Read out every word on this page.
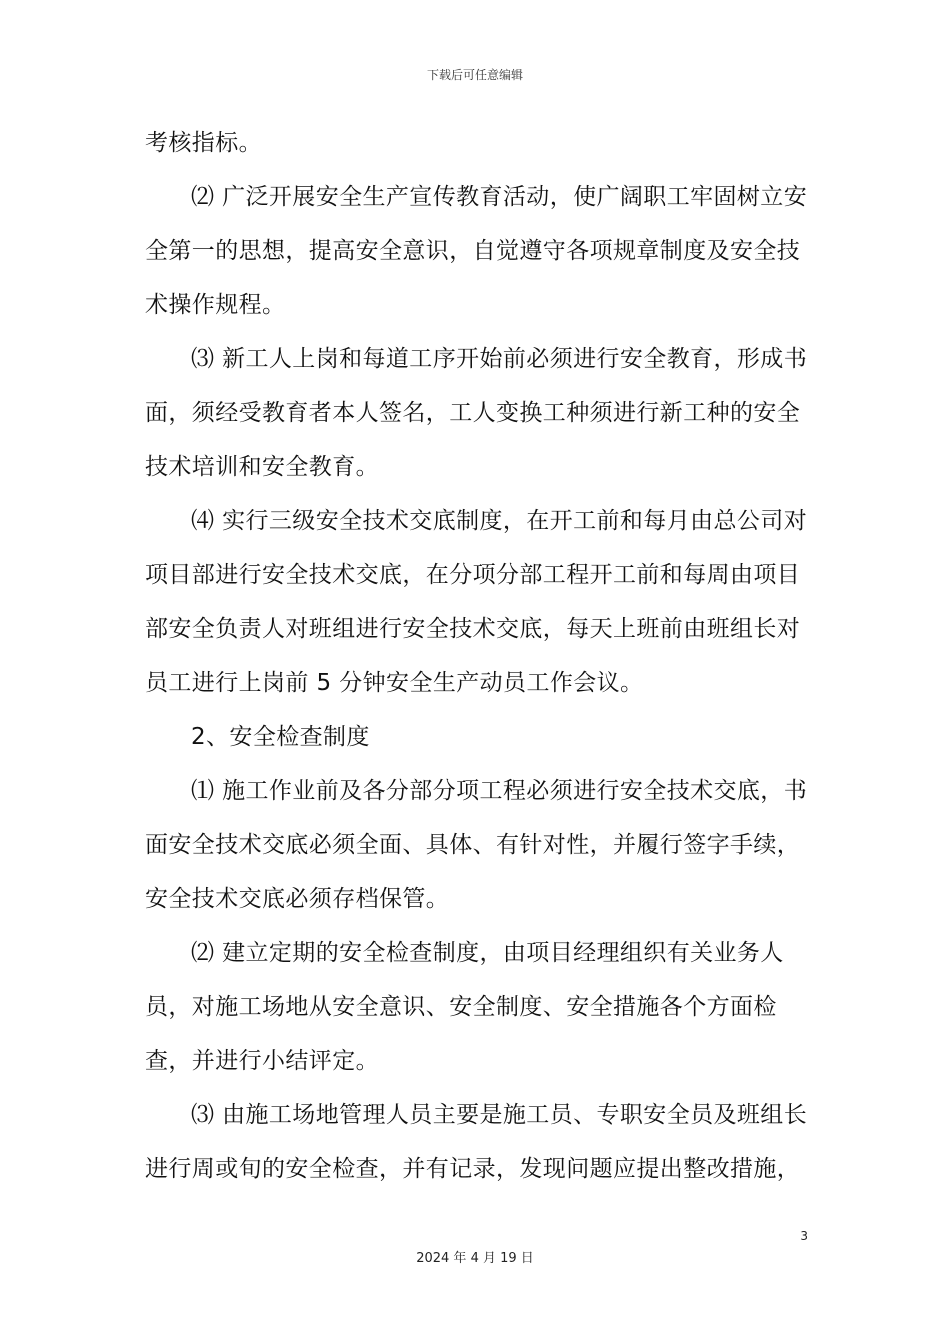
下载后可任意编辑

考核指标。

⑵ 广泛开展安全生产宣传教育活动，使广阔职工牢固树立安全第一的思想，提高安全意识，自觉遵守各项规章制度及安全技术操作规程。

⑶ 新工人上岗和每道工序开始前必须进行安全教育，形成书面，须经受教育者本人签名，工人变换工种须进行新工种的安全技术培训和安全教育。

⑷ 实行三级安全技术交底制度，在开工前和每月由总公司对项目部进行安全技术交底，在分项分部工程开工前和每周由项目部安全负责人对班组进行安全技术交底，每天上班前由班组长对员工进行上岗前 5 分钟安全生产动员工作会议。

2、安全检查制度

⑴ 施工作业前及各分部分项工程必须进行安全技术交底，书面安全技术交底必须全面、具体、有针对性，并履行签字手续，安全技术交底必须存档保管。

⑵ 建立定期的安全检查制度，由项目经理组织有关业务人员，对施工场地从安全意识、安全制度、安全措施各个方面检查，并进行小结评定。

⑶ 由施工场地管理人员主要是施工员、专职安全员及班组长进行周或旬的安全检查，并有记录，发现问题应提出整改措施，

3
2024 年 4 月 19 日
